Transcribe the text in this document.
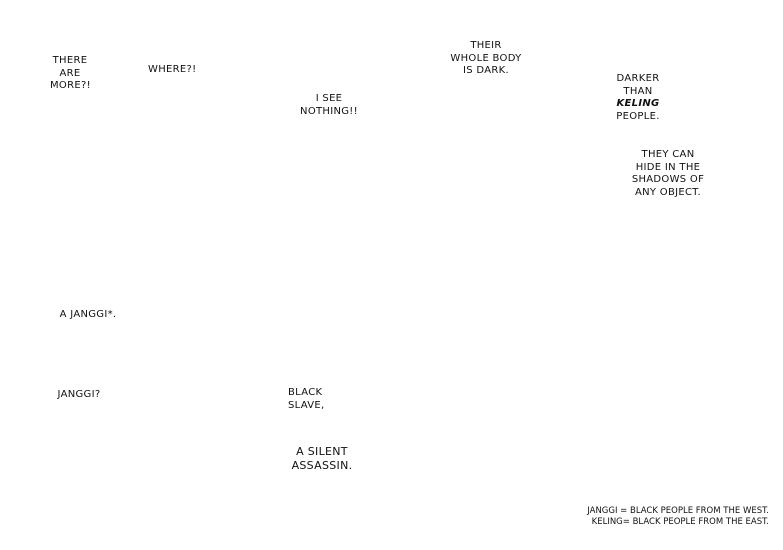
THERE
ARE
MORE?!
WHERE?!
I SEE
NOTHING!!
THEIR
WHOLE BODY
IS DARK.
DARKER
THAN
KELING
PEOPLE.
THEY CAN
HIDE IN THE
SHADOWS OF
ANY OBJECT.
A JANGGI*.
JANGGI?	BLACK
SLAVE,
A SILENT
ASSASSIN.
JANGGI = BLACK PEOPLE FROM THE WEST.
KELING= BLACK PEOPLE FROM THE EAST.
